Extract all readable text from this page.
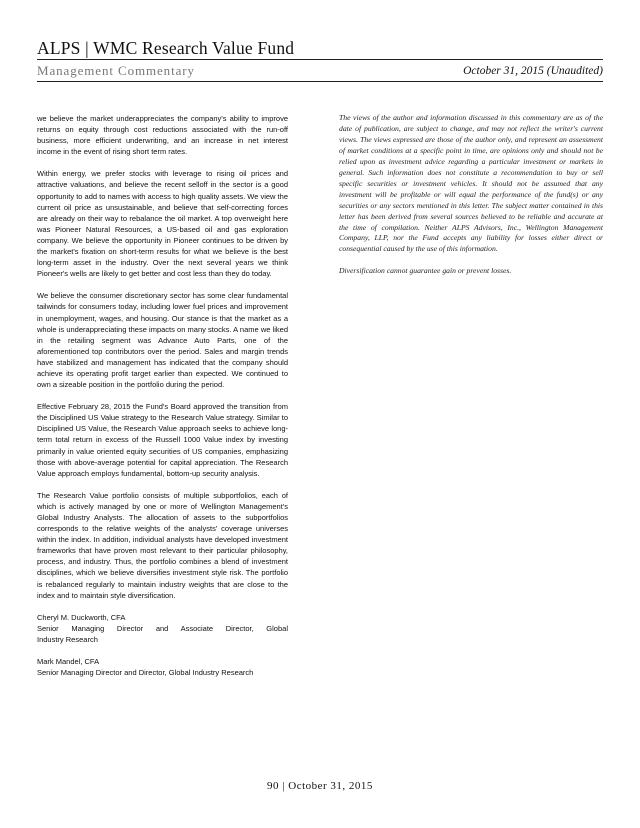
ALPS | WMC Research Value Fund
Management Commentary	October 31, 2015 (Unaudited)

we believe the market underappreciates the company's ability to improve returns on equity through cost reductions associated with the run-off business, more efficient underwriting, and an increase in net interest income in the event of rising short term rates.

Within energy, we prefer stocks with leverage to rising oil prices and attractive valuations, and believe the recent selloff in the sector is a good opportunity to add to names with access to high quality assets. We view the current oil price as unsustainable, and believe that self-correcting forces are already on their way to rebalance the oil market. A top overweight here was Pioneer Natural Resources, a US-based oil and gas exploration company. We believe the opportunity in Pioneer continues to be driven by the market's fixation on short-term results for what we believe is the best long-term asset in the industry. Over the next several years we think Pioneer's wells are likely to get better and cost less than they do today.

We believe the consumer discretionary sector has some clear fundamental tailwinds for consumers today, including lower fuel prices and improvement in unemployment, wages, and housing. Our stance is that the market as a whole is underappreciating these impacts on many stocks. A name we liked in the retailing segment was Advance Auto Parts, one of the aforementioned top contributors over the period. Sales and margin trends have stabilized and management has indicated that the company should achieve its operating profit target earlier than expected. We continued to own a sizeable position in the portfolio during the period.

Effective February 28, 2015 the Fund's Board approved the transition from the Disciplined US Value strategy to the Research Value strategy. Similar to Disciplined US Value, the Research Value approach seeks to achieve long-term total return in excess of the Russell 1000 Value index by investing primarily in value oriented equity securities of US companies, emphasizing those with above-average potential for capital appreciation. The Research Value approach employs fundamental, bottom-up security analysis.

The Research Value portfolio consists of multiple subportfolios, each of which is actively managed by one or more of Wellington Management's Global Industry Analysts. The allocation of assets to the subportfolios corresponds to the relative weights of the analysts' coverage universes within the index. In addition, individual analysts have developed investment frameworks that have proven most relevant to their particular philosophy, process, and industry. Thus, the portfolio combines a blend of investment disciplines, which we believe diversifies investment style risk. The portfolio is rebalanced regularly to maintain industry weights that are close to the index and to maintain style diversification.

Cheryl M. Duckworth, CFA
Senior Managing Director and Associate Director, Global
Industry Research
Mark Mandel, CFA
Senior Managing Director and Director, Global Industry Research

The views of the author and information discussed in this commentary are as of the date of publication, are subject to change, and may not reflect the writer's current views. The views expressed are those of the author only, and represent an assessment of market conditions at a specific point in time, are opinions only and should not be relied upon as investment advice regarding a particular investment or markets in general. Such information does not constitute a recommendation to buy or sell specific securities or investment vehicles. It should not be assumed that any investment will be profitable or will equal the performance of the fund(s) or any securities or any sectors mentioned in this letter. The subject matter contained in this letter has been derived from several sources believed to be reliable and accurate at the time of compilation. Neither ALPS Advisors, Inc., Wellington Management Company, LLP, nor the Fund accepts any liability for losses either direct or consequential caused by the use of this information.

Diversification cannot guarantee gain or prevent losses.

90 | October 31, 2015
